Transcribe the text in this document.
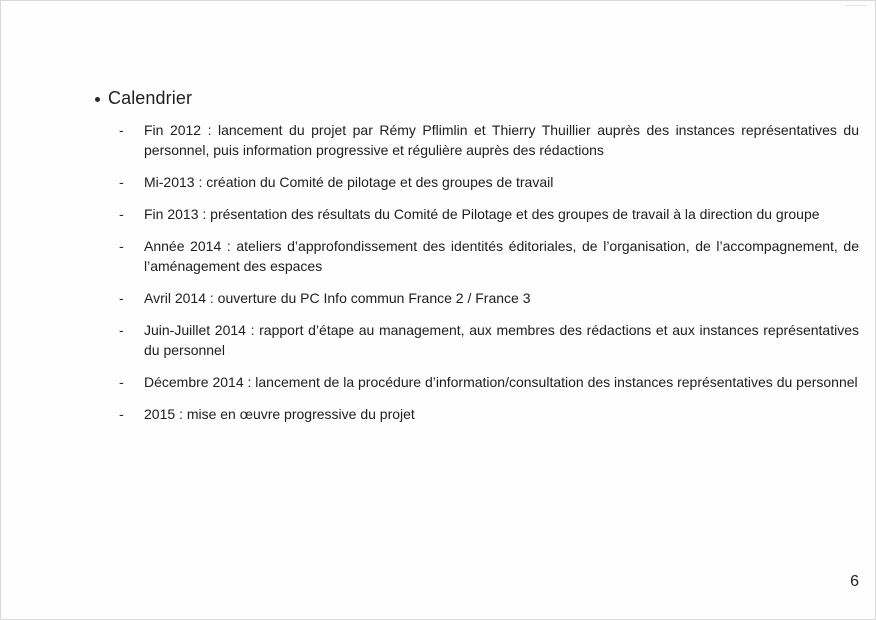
Calendrier
- Fin 2012 : lancement du projet par Rémy Pflimlin et Thierry Thuillier auprès des instances représentatives du personnel, puis information progressive et régulière auprès des rédactions
- Mi-2013 : création du Comité de pilotage et des groupes de travail
- Fin 2013 : présentation des résultats du Comité de Pilotage et des groupes de travail à la direction du groupe
- Année 2014 : ateliers d’approfondissement des identités éditoriales, de l’organisation, de l’accompagnement, de l’aménagement des espaces
- Avril 2014 : ouverture du PC Info commun France 2 / France 3
- Juin-Juillet 2014 : rapport d’étape au management, aux membres des rédactions et aux instances représentatives du personnel
- Décembre 2014 : lancement de la procédure d’information/consultation des instances représentatives du personnel
- 2015 : mise en œuvre progressive du projet
6
